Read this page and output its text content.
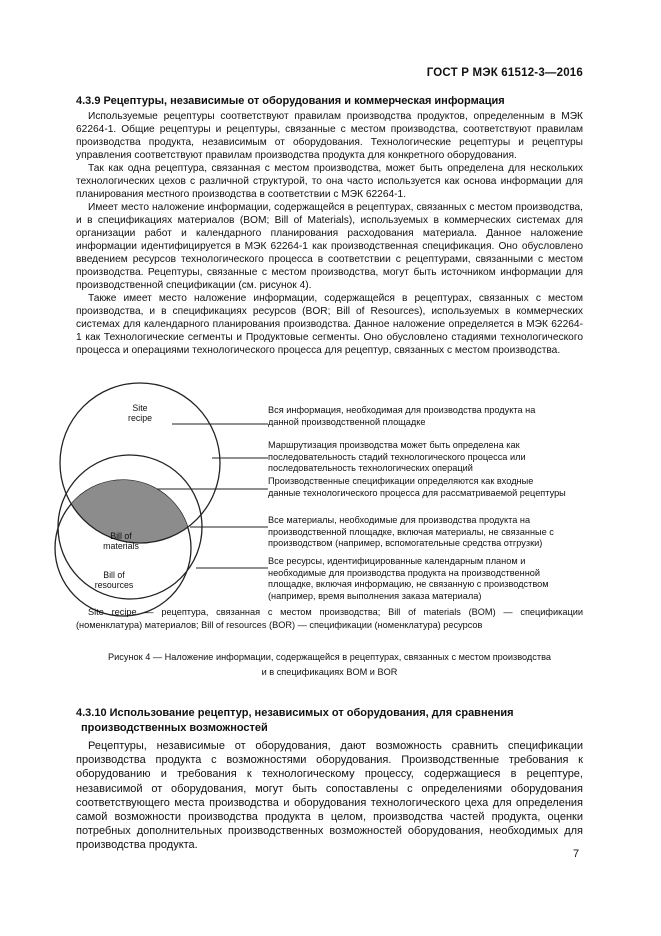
ГОСТ Р МЭК 61512-3—2016
4.3.9 Рецептуры, независимые от оборудования и коммерческая информация

Используемые рецептуры соответствуют правилам производства продуктов, определенным в МЭК 62264-1. Общие рецептуры и рецептуры, связанные с местом производства, соответствуют правилам производства продукта, независимым от оборудования. Технологические рецептуры и рецептуры управления соответствуют правилам производства продукта для конкретного оборудования.

Так как одна рецептура, связанная с местом производства, может быть определена для нескольких технологических цехов с различной структурой, то она часто используется как основа информации для планирования местного производства в соответствии с МЭК 62264-1.

Имеет место наложение информации, содержащейся в рецептурах, связанных с местом производства, и в спецификациях материалов (BOM; Bill of Materials), используемых в коммерческих системах для организации работ и календарного планирования расходования материала. Данное наложение информации идентифицируется в МЭК 62264-1 как производственная спецификация. Оно обусловлено введением ресурсов технологического процесса в соответствии с рецептурами, связанными с местом производства. Рецептуры, связанные с местом производства, могут быть источником информации для производственной спецификации (см. рисунок 4).

Также имеет место наложение информации, содержащейся в рецептурах, связанных с местом производства, и в спецификациях ресурсов (BOR; Bill of Resources), используемых в коммерческих системах для календарного планирования производства. Данное наложение определяется в МЭК 62264-1 как Технологические сегменты и Продуктовые сегменты. Оно обусловлено стадиями технологического процесса и операциями технологического процесса для рецептур, связанных с местом производства.

Site
recipe
Bill of
materials
Bill of
resources

Вся информация, необходимая для производства продукта на данной производственной площадке

Маршрутизация производства может быть определена как последовательность стадий технологического процесса или последовательность технологических операций

Производственные спецификации определяются как входные данные технологического процесса для рассматриваемой рецептуры

Все материалы, необходимые для производства продукта на производственной площадке, включая материалы, не связанные с производством (например, вспомогательные средства отгрузки)

Все ресурсы, идентифицированные календарным планом и необходимые для производства продукта на производственной площадке, включая информацию, не связанную с производством (например, время выполнения заказа материала)

Site recipe — рецептура, связанная с местом производства; Bill of materials (BOM) — спецификации (номенклатура) материалов; Bill of resources (BOR) — спецификации (номенклатура) ресурсов
Рисунок 4 — Наложение информации, содержащейся в рецептурах, связанных с местом производства
и в спецификациях BOM и BOR
4.3.10 Использование рецептур, независимых от оборудования, для сравнения
производственных возможностей

Рецептуры, независимые от оборудования, дают возможность сравнить спецификации производства продукта с возможностями оборудования. Производственные требования к оборудованию и требования к технологическому процессу, содержащиеся в рецептуре, независимой от оборудования, могут быть сопоставлены с определениями оборудования соответствующего места производства и оборудования технологического цеха для определения самой возможности производства продукта в целом, производства частей продукта, оценки потребных дополнительных производственных возможностей оборудования, необходимых для производства продукта.

7
